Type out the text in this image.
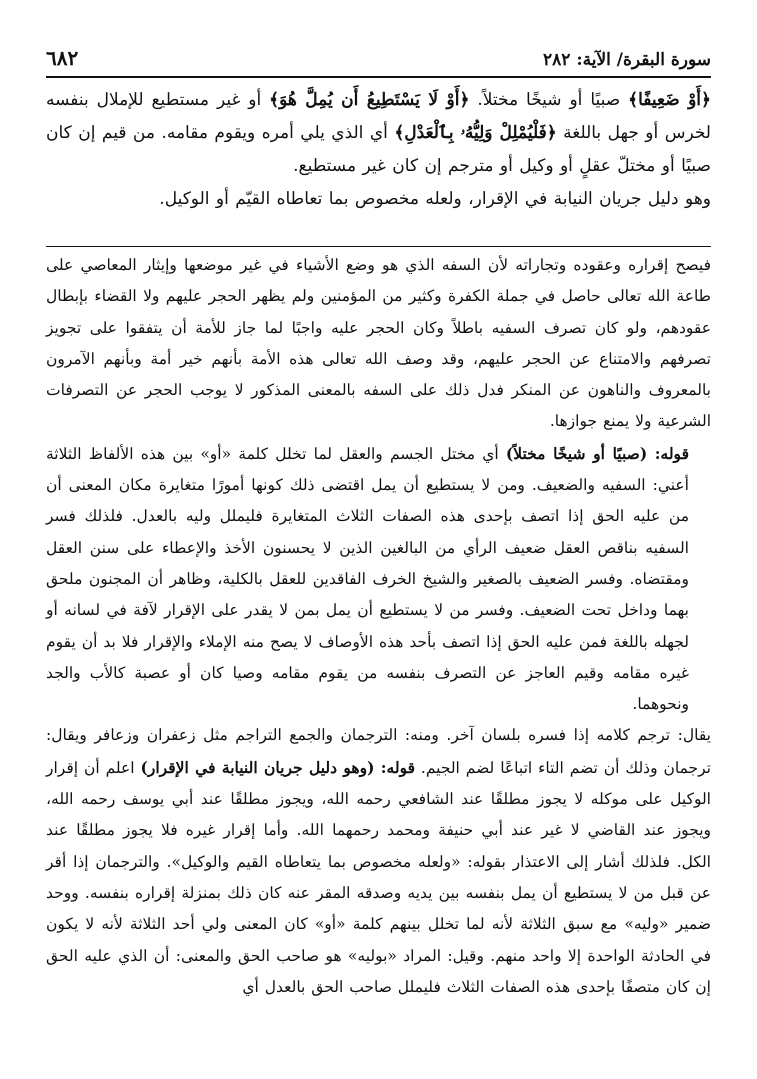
سورة البقرة/ الآية: ٢٨٢
٦٨٢

﴿أَوْ ضَعِيفًا﴾ صبيًا أو شيخًا مختلاً. ﴿أَوْ لَا يَسْتَطِيعُ أَن يُمِلَّ هُوَ﴾ أو غير مستطيع للإملال بنفسه لخرس أو جهل باللغة ﴿فَلْيُمْلِلْ وَلِيُّهُۥ بِٱلْعَدْلِ﴾ أي الذي يلي أمره ويقوم مقامه. من قيم إن كان صبيًا أو مختلّ عقلٍ أو وكيل أو مترجم إن كان غير مستطيع.

وهو دليل جريان النيابة في الإقرار، ولعله مخصوص بما تعاطاه القيّم أو الوكيل.

فيصح إقراره وعقوده وتجاراته لأن السفه الذي هو وضع الأشياء في غير موضعها وإيثار المعاصي على طاعة الله تعالى حاصل في جملة الكفرة وكثير من المؤمنين ولم يظهر الحجر عليهم ولا القضاء بإبطال عقودهم، ولو كان تصرف السفيه باطلاً وكان الحجر عليه واجبًا لما جاز للأمة أن يتفقوا على تجويز تصرفهم والامتناع عن الحجر عليهم، وقد وصف الله تعالى هذه الأمة بأنهم خير أمة وبأنهم الآمرون بالمعروف والناهون عن المنكر فدل ذلك على السفه بالمعنى المذكور لا يوجب الحجر عن التصرفات الشرعية ولا يمنع جوازها.

قوله: (صبيًا أو شيخًا مختلاً) أي مختل الجسم والعقل لما تخلل كلمة «أو» بين هذه الألفاظ الثلاثة أعني: السفيه والضعيف. ومن لا يستطيع أن يمل اقتضى ذلك كونها أمورًا متغايرة مكان المعنى أن من عليه الحق إذا اتصف بإحدى هذه الصفات الثلاث المتغايرة فليملل وليه بالعدل. فلذلك فسر السفيه بناقص العقل ضعيف الرأي من البالغين الذين لا يحسنون الأخذ والإعطاء على سنن العقل ومقتضاه. وفسر الضعيف بالصغير والشيخ الخرف الفاقدين للعقل بالكلية، وظاهر أن المجنون ملحق بهما وداخل تحت الضعيف. وفسر من لا يستطيع أن يمل بمن لا يقدر على الإقرار لآفة في لسانه أو لجهله باللغة فمن عليه الحق إذا اتصف بأحد هذه الأوصاف لا يصح منه الإملاء والإقرار فلا بد أن يقوم غيره مقامه وقيم العاجز عن التصرف بنفسه من يقوم مقامه وصيا كان أو عصبة كالأب والجد ونحوهما.

يقال: ترجم كلامه إذا فسره بلسان آخر. ومنه: الترجمان والجمع التراجم مثل زعفران وزعافر ويقال: ترجمان وذلك أن تضم التاء اتباعًا لضم الجيم. قوله: (وهو دليل جريان النيابة في الإقرار) اعلم أن إقرار الوكيل على موكله لا يجوز مطلقًا عند الشافعي رحمه الله، ويجوز مطلقًا عند أبي يوسف رحمه الله، ويجوز عند القاضي لا غير عند أبي حنيفة ومحمد رحمهما الله. وأما إقرار غيره فلا يجوز مطلقًا عند الكل. فلذلك أشار إلى الاعتذار بقوله: «ولعله مخصوص بما يتعاطاه القيم والوكيل». والترجمان إذا أقر عن قبل من لا يستطيع أن يمل بنفسه بين يديه وصدقه المقر عنه كان ذلك بمنزلة إقراره بنفسه. ووحد ضمير «وليه» مع سبق الثلاثة لأنه لما تخلل بينهم كلمة «أو» كان المعنى ولي أحد الثلاثة لأنه لا يكون في الحادثة الواحدة إلا واحد منهم. وقيل: المراد «بوليه» هو صاحب الحق والمعنى: أن الذي عليه الحق إن كان متصفًا بإحدى هذه الصفات الثلاث فليملل صاحب الحق بالعدل أي
